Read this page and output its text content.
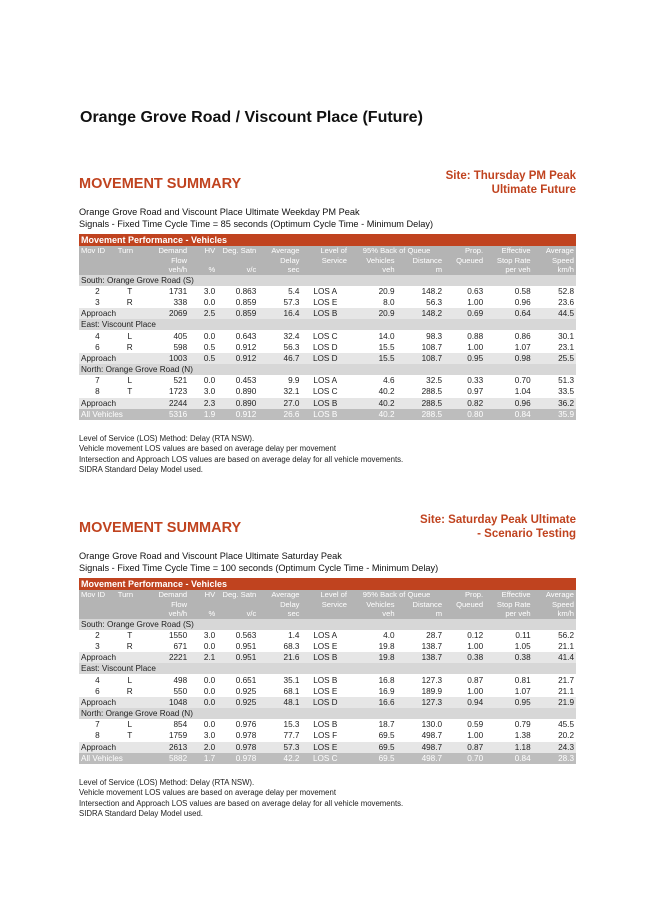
Orange Grove Road / Viscount Place (Future)
MOVEMENT SUMMARY	Site: Thursday PM Peak
Ultimate Future
Orange Grove Road and Viscount Place Ultimate Weekday PM Peak
Signals - Fixed Time Cycle Time = 85 seconds (Optimum Cycle Time - Minimum Delay)
Movement Performance - Vehicles											
Mov ID	Turn	Demand	HV	Deg. Satn	Average	Level of	95% Back of Queue		Prop.	Effective	Average
		Flow			Delay	Service	Vehicles	Distance	Queued	Stop Rate	Speed
		veh/h	%	v/c	sec		veh	m		per veh	km/h
South: Orange Grove Road (S)											
2	T	1731	3.0	0.863	5.4	LOS A	20.9	148.2	0.63	0.58	52.8
3	R	338	0.0	0.859	57.3	LOS E	8.0	56.3	1.00	0.96	23.6
Approach		2069	2.5	0.859	16.4	LOS B	20.9	148.2	0.69	0.64	44.5
East: Viscount Place											
4	L	405	0.0	0.643	32.4	LOS C	14.0	98.3	0.88	0.86	30.1
6	R	598	0.5	0.912	56.3	LOS D	15.5	108.7	1.00	1.07	23.1
Approach		1003	0.5	0.912	46.7	LOS D	15.5	108.7	0.95	0.98	25.5
North: Orange Grove Road (N)											
7	L	521	0.0	0.453	9.9	LOS A	4.6	32.5	0.33	0.70	51.3
8	T	1723	3.0	0.890	32.1	LOS C	40.2	288.5	0.97	1.04	33.5
Approach		2244	2.3	0.890	27.0	LOS B	40.2	288.5	0.82	0.96	36.2
All Vehicles		5316	1.9	0.912	26.6	LOS B	40.2	288.5	0.80	0.84	35.9
Level of Service (LOS) Method: Delay (RTA NSW).
Vehicle movement LOS values are based on average delay per movement
Intersection and Approach LOS values are based on average delay for all vehicle movements.
SIDRA Standard Delay Model used.
MOVEMENT SUMMARY	Site: Saturday Peak Ultimate
- Scenario Testing
Orange Grove Road and Viscount Place Ultimate Saturday Peak
Signals - Fixed Time Cycle Time = 100 seconds (Optimum Cycle Time - Minimum Delay)
Movement Performance - Vehicles											
Mov ID	Turn	Demand	HV	Deg. Satn	Average	Level of	95% Back of Queue		Prop.	Effective	Average
		Flow			Delay	Service	Vehicles	Distance	Queued	Stop Rate	Speed
		veh/h	%	v/c	sec		veh	m		per veh	km/h
South: Orange Grove Road (S)											
2	T	1550	3.0	0.563	1.4	LOS A	4.0	28.7	0.12	0.11	56.2
3	R	671	0.0	0.951	68.3	LOS E	19.8	138.7	1.00	1.05	21.1
Approach		2221	2.1	0.951	21.6	LOS B	19.8	138.7	0.38	0.38	41.4
East: Viscount Place											
4	L	498	0.0	0.651	35.1	LOS B	16.8	127.3	0.87	0.81	21.7
6	R	550	0.0	0.925	68.1	LOS E	16.9	189.9	1.00	1.07	21.1
Approach		1048	0.0	0.925	48.1	LOS D	16.6	127.3	0.94	0.95	21.9
North: Orange Grove Road (N)											
7	L	854	0.0	0.976	15.3	LOS B	18.7	130.0	0.59	0.79	45.5
8	T	1759	3.0	0.978	77.7	LOS F	69.5	498.7	1.00	1.38	20.2
Approach		2613	2.0	0.978	57.3	LOS E	69.5	498.7	0.87	1.18	24.3
All Vehicles		5882	1.7	0.978	42.2	LOS C	69.5	498.7	0.70	0.84	28.3
Level of Service (LOS) Method: Delay (RTA NSW).
Vehicle movement LOS values are based on average delay per movement
Intersection and Approach LOS values are based on average delay for all vehicle movements.
SIDRA Standard Delay Model used.
